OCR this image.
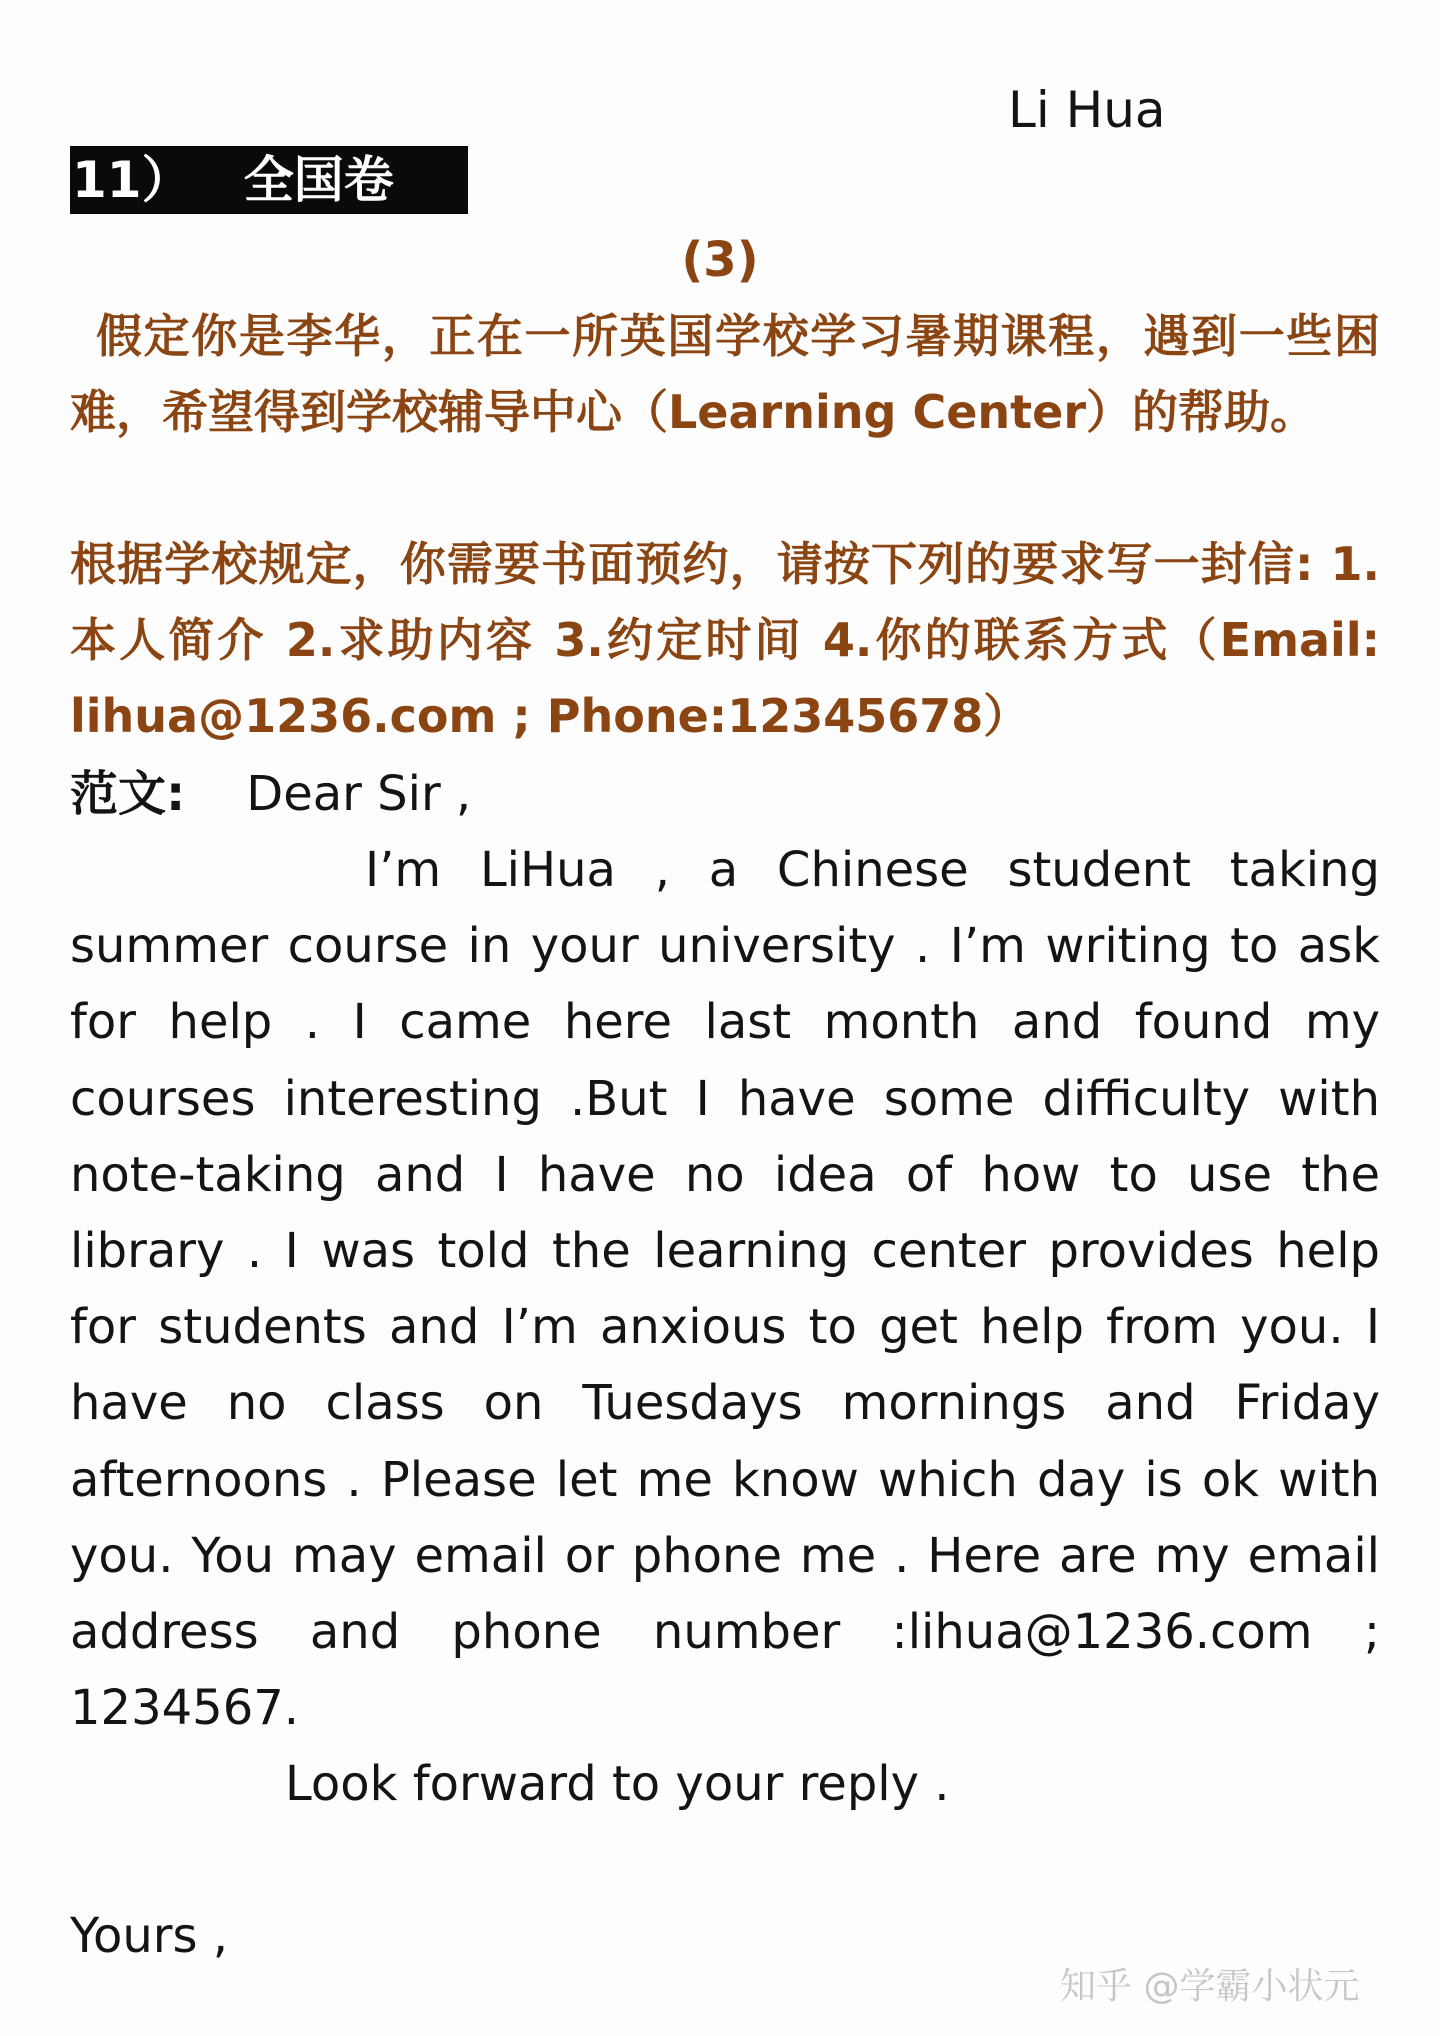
Li Hua
11）   全国卷
(3)
假定你是李华，正在一所英国学校学习暑期课程，遇到一些困难，希望得到学校辅导中心（Learning Center）的帮助。
根据学校规定，你需要书面预约，请按下列的要求写一封信: 1.本人简介 2.求助内容 3.约定时间 4.你的联系方式（Email: lihua@1236.com ; Phone:12345678）
范文: Dear Sir ,
I’m LiHua , a Chinese student taking summer course in your university . I’m writing to ask for help . I came here last month and found my courses interesting .But I have some difficulty with note-taking and I have no idea of how to use the library . I was told the learning center provides help for students and I’m anxious to get help from you. I have no class on Tuesdays mornings and Friday afternoons . Please let me know which day is ok with you. You may email or phone me . Here are my email address and phone number :lihua@1236.com ; 1234567.
Look forward to your reply .
Yours ,
知乎 @学霸小状元
